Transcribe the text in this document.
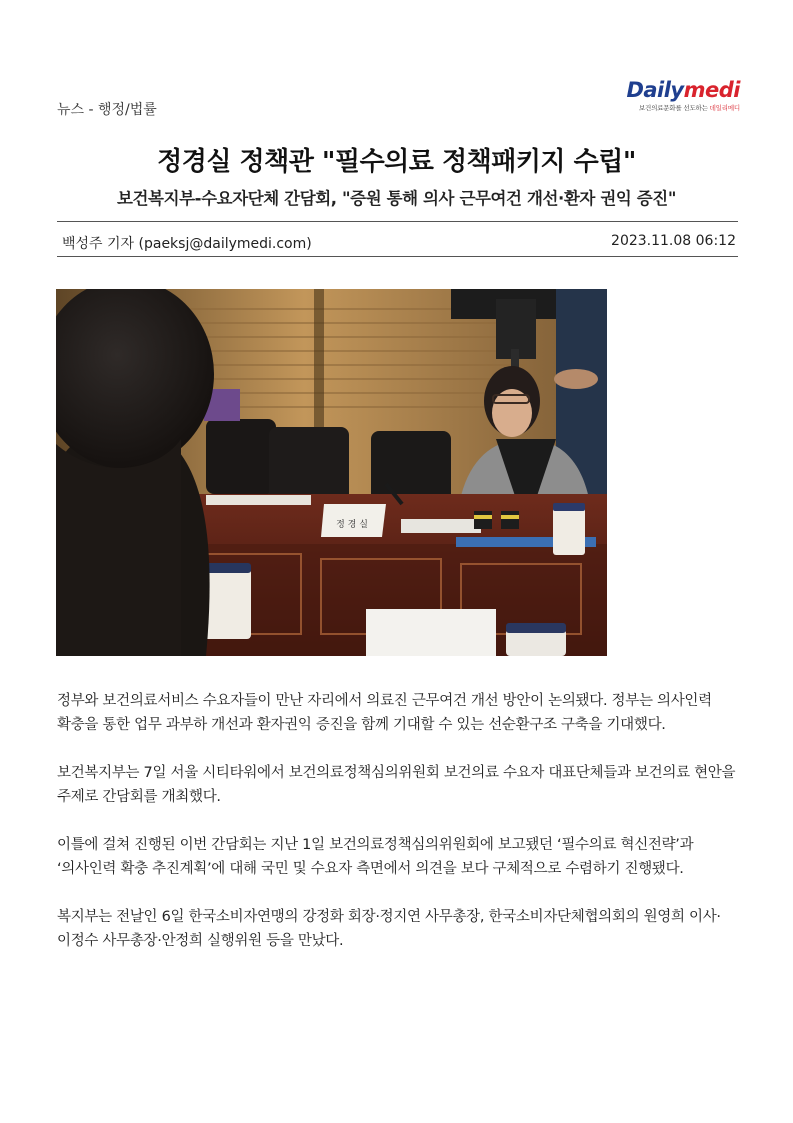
뉴스 - 행정/법률
Dailymedi
보건의료문화를 선도하는 데일리메디
정경실 정책관 "필수의료 정책패키지 수립"
보건복지부-수요자단체 간담회, "증원 통해 의사 근무여건 개선·환자 권익 증진"
백성주 기자 (paeksj@dailymedi.com)	2023.11.08 06:12
정 경 실

정부와 보건의료서비스 수요자들이 만난 자리에서 의료진 근무여건 개선 방안이 논의됐다. 정부는 의사인력 확충을 통한 업무 과부하 개선과 환자권익 증진을 함께 기대할 수 있는 선순환구조 구축을 기대했다.

보건복지부는 7일 서울 시티타워에서 보건의료정책심의위원회 보건의료 수요자 대표단체들과 보건의료 현안을 주제로 간담회를 개최했다.

이틀에 걸쳐 진행된 이번 간담회는 지난 1일 보건의료정책심의위원회에 보고됐던 ‘필수의료 혁신전략’과 ‘의사인력 확충 추진계획’에 대해 국민 및 수요자 측면에서 의견을 보다 구체적으로 수렴하기 진행됐다.

복지부는 전날인 6일 한국소비자연맹의 강정화 회장·정지연 사무총장, 한국소비자단체협의회의 원영희 이사·이정수 사무총장·안정희 실행위원 등을 만났다.
